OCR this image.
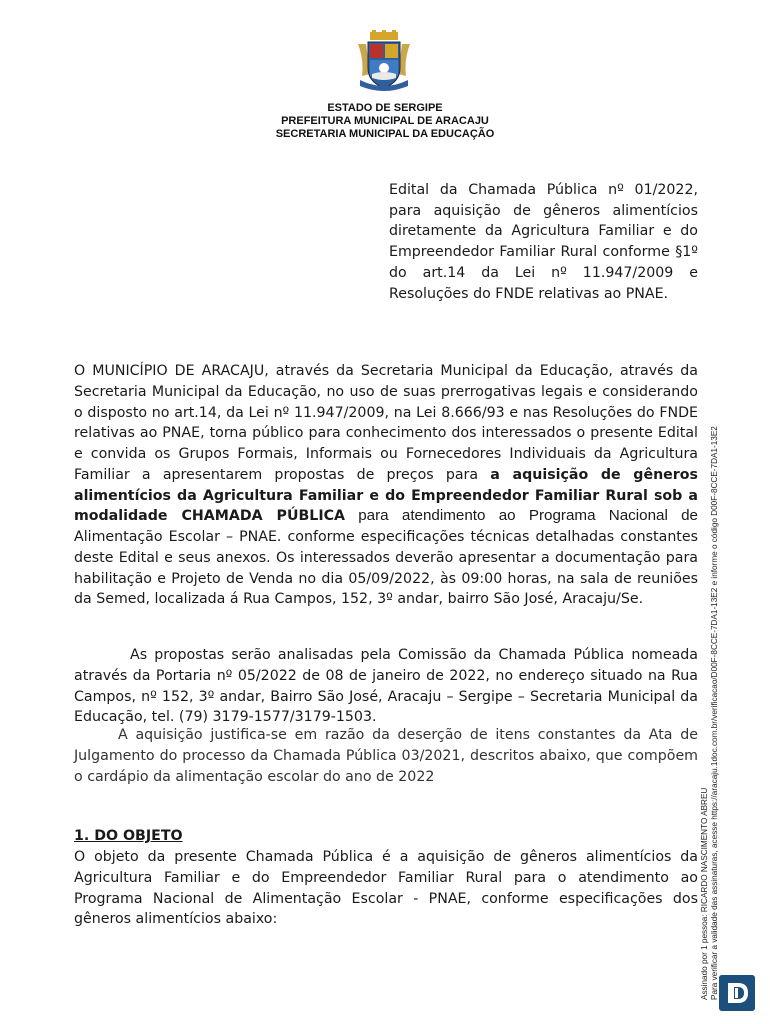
ESTADO DE SERGIPE
PREFEITURA MUNICIPAL DE ARACAJU
SECRETARIA MUNICIPAL DA EDUCAÇÃO
Edital da Chamada Pública nº 01/2022, para aquisição de gêneros alimentícios diretamente da Agricultura Familiar e do Empreendedor Familiar Rural conforme §1º do art.14 da Lei nº 11.947/2009 e Resoluções do FNDE relativas ao PNAE.
O MUNICÍPIO DE ARACAJU, através da Secretaria Municipal da Educação, através da Secretaria Municipal da Educação, no uso de suas prerrogativas legais e considerando o disposto no art.14, da Lei nº 11.947/2009, na Lei 8.666/93 e nas Resoluções do FNDE relativas ao PNAE, torna público para conhecimento dos interessados o presente Edital e convida os Grupos Formais, Informais ou Fornecedores Individuais da Agricultura Familiar a apresentarem propostas de preços para a aquisição de gêneros alimentícios da Agricultura Familiar e do Empreendedor Familiar Rural sob a modalidade CHAMADA PÚBLICA para atendimento ao Programa Nacional de Alimentação Escolar – PNAE. conforme especificações técnicas detalhadas constantes deste Edital e seus anexos. Os interessados deverão apresentar a documentação para habilitação e Projeto de Venda no dia 05/09/2022, às 09:00 horas, na sala de reuniões da Semed, localizada á Rua Campos, 152, 3º andar, bairro São José, Aracaju/Se.
As propostas serão analisadas pela Comissão da Chamada Pública nomeada através da Portaria nº 05/2022 de 08 de janeiro de 2022, no endereço situado na Rua Campos, nº 152, 3º andar, Bairro São José, Aracaju – Sergipe – Secretaria Municipal da Educação, tel. (79) 3179-1577/3179-1503.
A aquisição justifica-se em razão da deserção de itens constantes da Ata de Julgamento do processo da Chamada Pública 03/2021, descritos abaixo, que compõem o cardápio da alimentação escolar do ano de 2022
1. DO OBJETO
O objeto da presente Chamada Pública é a aquisição de gêneros alimentícios da Agricultura Familiar e do Empreendedor Familiar Rural para o atendimento ao Programa Nacional de Alimentação Escolar - PNAE, conforme especificações dos gêneros alimentícios abaixo:	Assinado por 1 pessoa: RICARDO NASCIMENTO ABREU Para verificar a validade das assinaturas, acesse https://aracaju.1doc.com.br/verificacao/D00F-8CCE-7DA1-13E2 e informe o código D00F-8CCE-7DA1-13E2
